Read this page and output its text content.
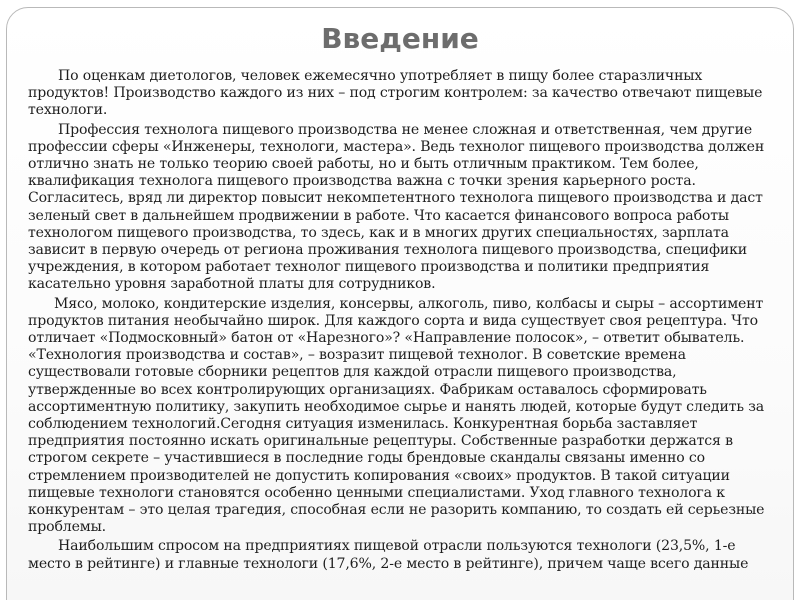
Введение

По оценкам диетологов, человек ежемесячно употребляет в пищу более стаpазличных продуктов! Производство каждого из них – под строгим контролем: за качество отвечают пищевые технологи.

Профессия технолога пищевого производства не менее сложная и ответственная, чем другие профессии сферы «Инженеры, технологи, мастера». Ведь технолог пищевого производства должен отлично знать не только теорию своей работы, но и быть отличным практиком. Тем более, квалификация технолога пищевого производства важна с точки зрения карьерного роста. Согласитесь, вряд ли директор повысит некомпетентного технолога пищевого производства и даст зеленый свет в дальнейшем продвижении в работе. Что касается финансового вопроса работы технологом пищевого производства, то здесь, как и в многих других специальностях, зарплата зависит в первую очередь от региона проживания технолога пищевого производства, специфики учреждения, в котором работает технолог пищевого производства и политики предприятия касательно уровня заработной платы для сотрудников.

Мясо, молоко, кондитерские изделия, консервы, алкоголь, пиво, колбасы и сыры – ассортимент продуктов питания необычайно широк. Для каждого сорта и вида существует своя рецептура. Что отличает «Подмосковный» батон от «Нарезного»? «Направление полосок», – ответит обыватель. «Технология производства и состав», – возразит пищевой технолог. В советские времена существовали готовые сборники рецептов для каждой отрасли пищевого производства, утвержденные во всех контролирующих организациях. Фабрикам оставалось сформировать ассортиментную политику, закупить необходимое сырье и нанять людей, которые будут следить за соблюдением технологий.Сегодня ситуация изменилась. Конкурентная борьба заставляет предприятия постоянно искать оригинальные рецептуры. Собственные разработки держатся в строгом секрете – участившиеся в последние годы брендовые скандалы связаны именно со стремлением производителей не допустить копирования «своих» продуктов. В такой ситуации пищевые технологи становятся особенно ценными специалистами. Уход главного технолога к конкурентам – это целая трагедия, способная если не разорить компанию, то создать ей серьезные проблемы.

Наибольшим спросом на предприятиях пищевой отрасли пользуются технологи (23,5%, 1-е место в рейтинге) и главные технологи (17,6%, 2-е место в рейтинге), причем чаще всего данные
